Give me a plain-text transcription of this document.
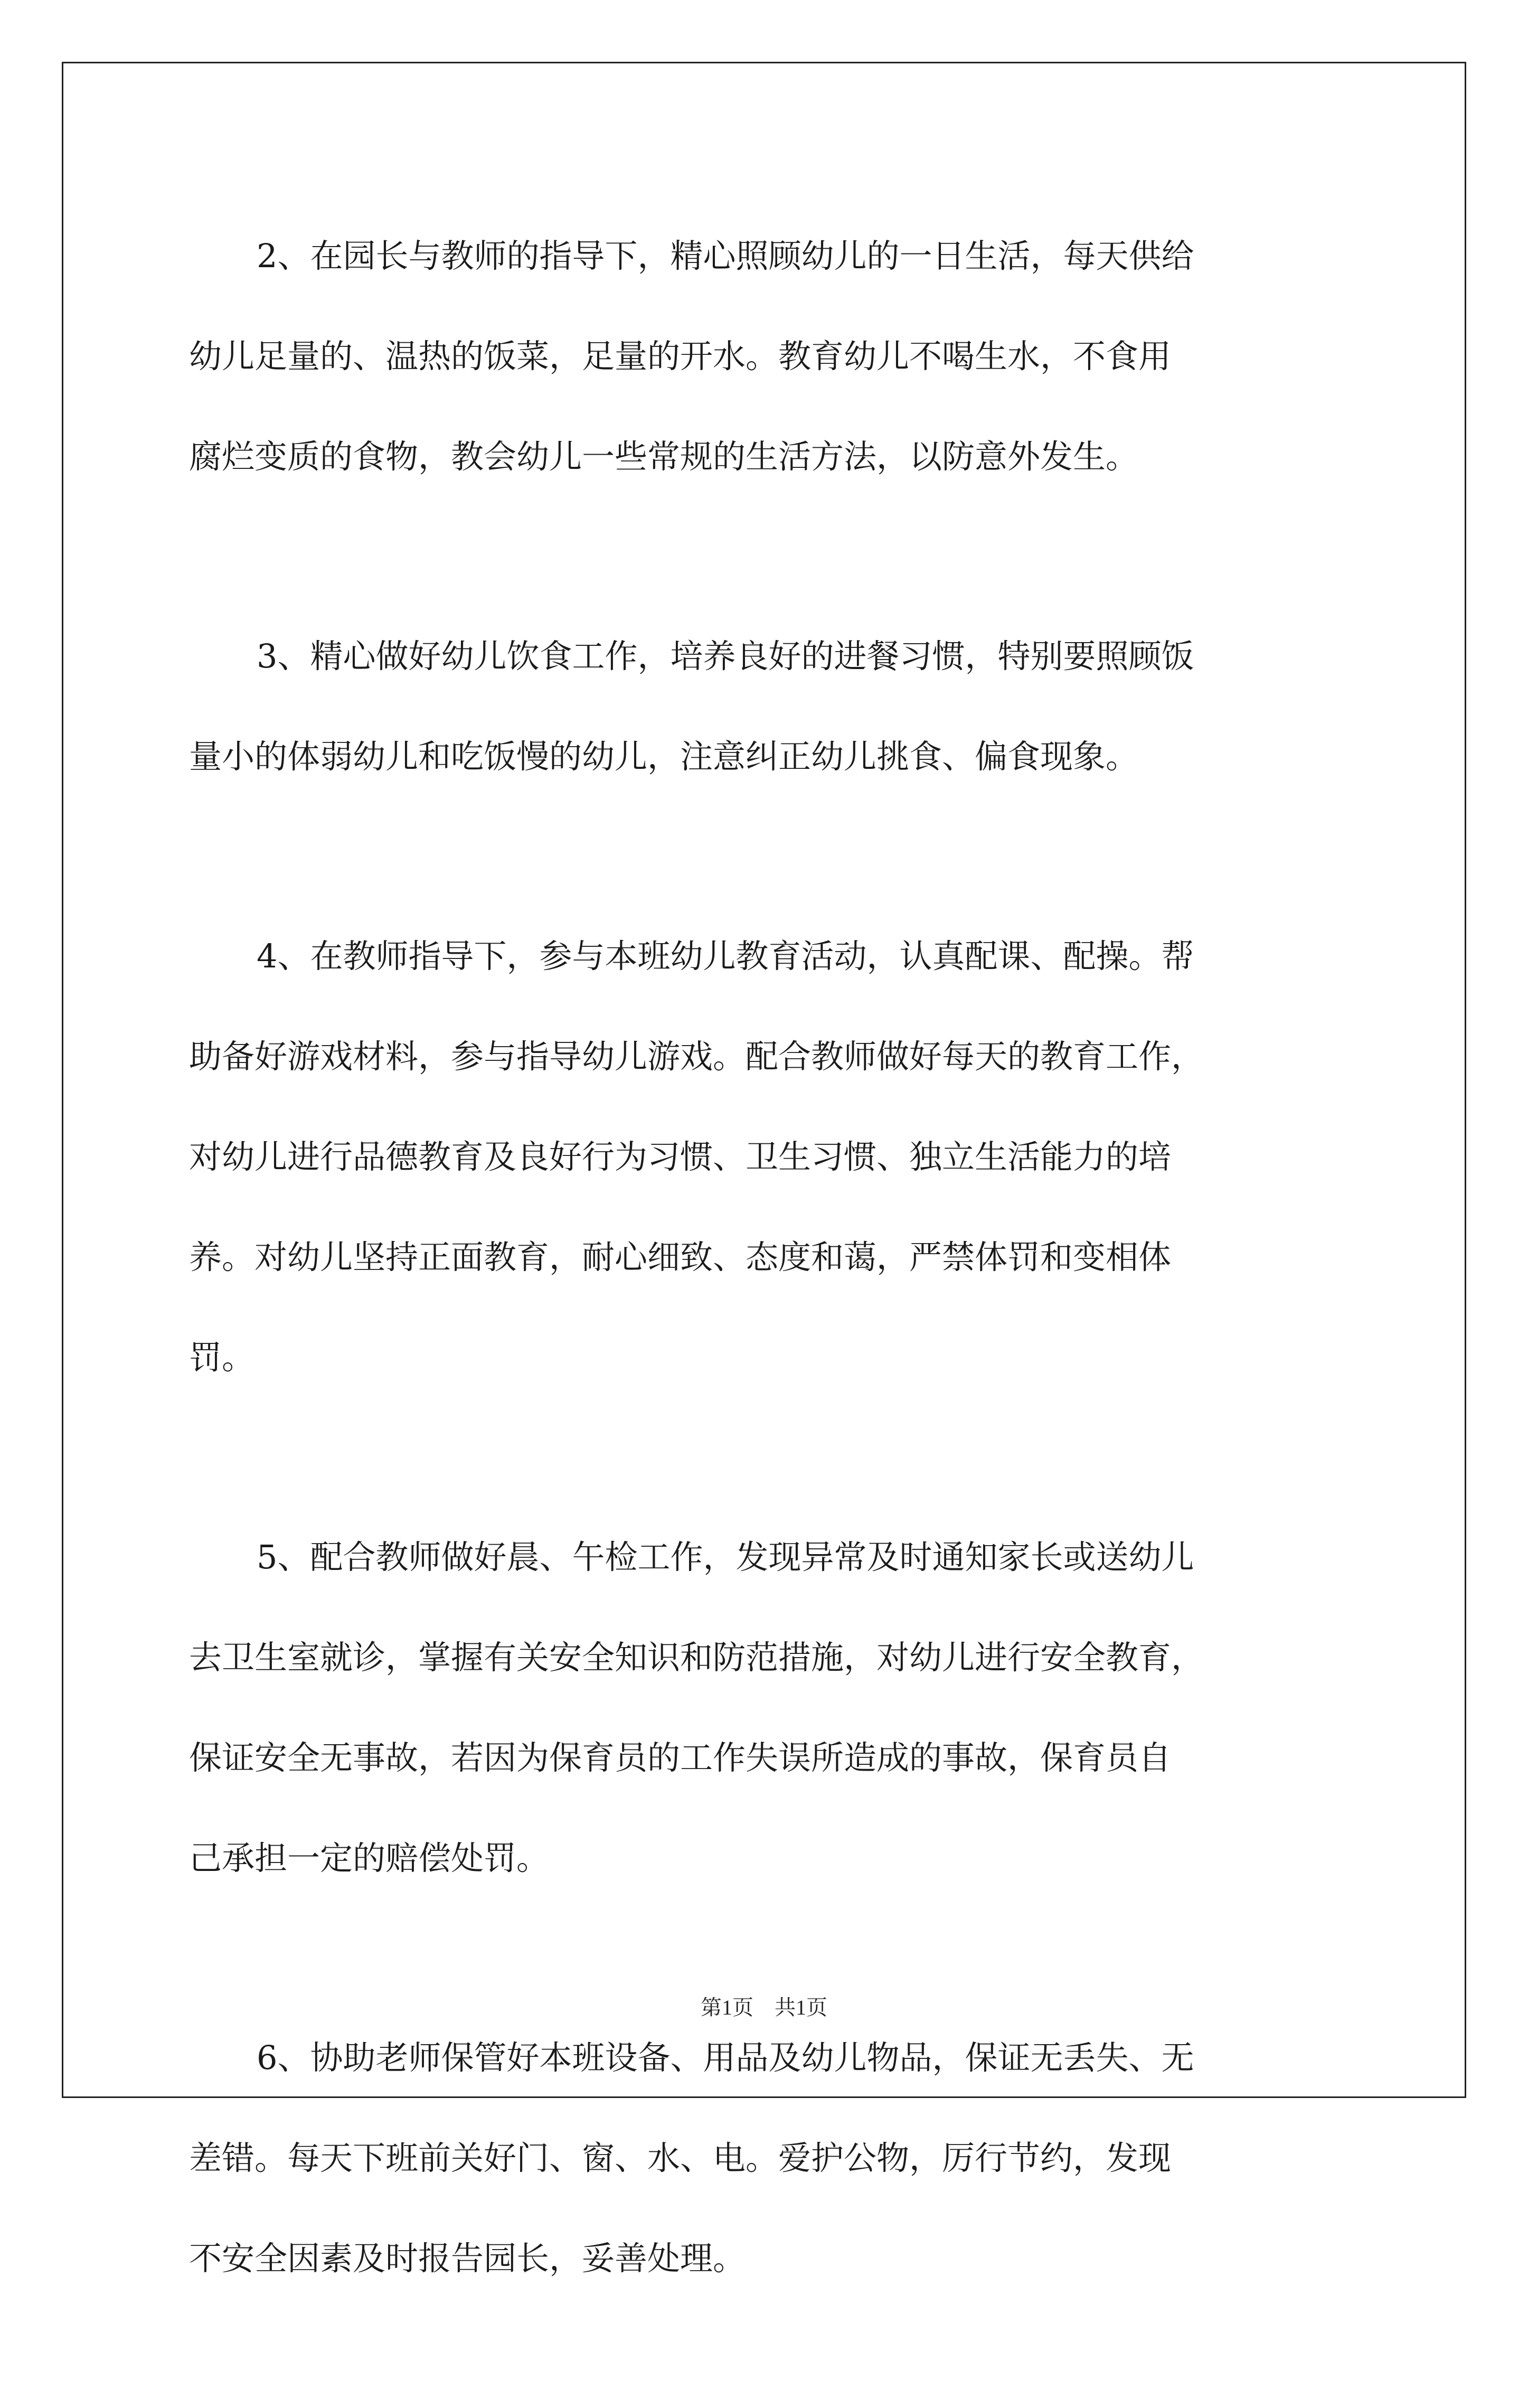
2、在园长与教师的指导下，精心照顾幼儿的一日生活，每天供给
幼儿足量的、温热的饭菜，足量的开水。教育幼儿不喝生水，不食用
腐烂变质的食物，教会幼儿一些常规的生活方法，以防意外发生。

3、精心做好幼儿饮食工作，培养良好的进餐习惯，特别要照顾饭
量小的体弱幼儿和吃饭慢的幼儿，注意纠正幼儿挑食、偏食现象。

4、在教师指导下，参与本班幼儿教育活动，认真配课、配操。帮
助备好游戏材料，参与指导幼儿游戏。配合教师做好每天的教育工作，
对幼儿进行品德教育及良好行为习惯、卫生习惯、独立生活能力的培
养。对幼儿坚持正面教育，耐心细致、态度和蔼，严禁体罚和变相体
罚。

5、配合教师做好晨、午检工作，发现异常及时通知家长或送幼儿
去卫生室就诊，掌握有关安全知识和防范措施，对幼儿进行安全教育，
保证安全无事故，若因为保育员的工作失误所造成的事故，保育员自
己承担一定的赔偿处罚。

6、协助老师保管好本班设备、用品及幼儿物品，保证无丢失、无
差错。每天下班前关好门、窗、水、电。爱护公物，厉行节约，发现
不安全因素及时报告园长，妥善处理。

第1页 共1页
